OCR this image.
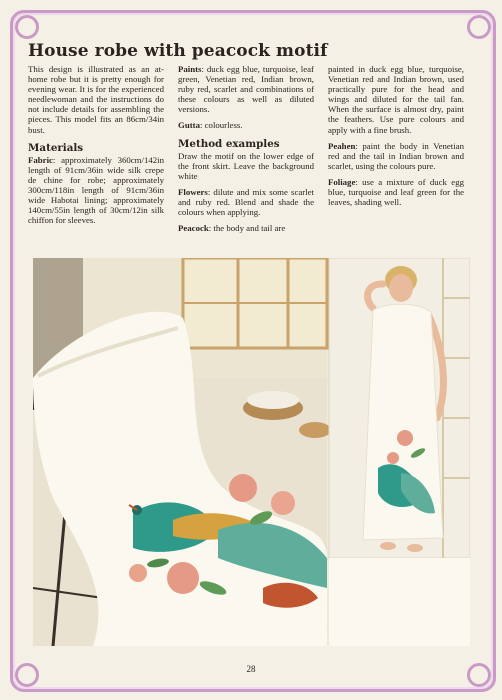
House robe with peacock motif

This design is illustrated as an at-home robe but it is pretty enough for evening wear. It is for the experienced needlewoman and the instructions do not include details for assembling the pieces. This model fits an 86cm/34in bust.

Materials

Fabric: approximately 360cm/142in length of 91cm/36in wide silk crepe de chine for robe; approximately 300cm/118in length of 91cm/36in wide Habotai lining; approximately 140cm/55in length of 30cm/12in silk chiffon for sleeves.

Paints: duck egg blue, turquoise, leaf green, Venetian red, Indian brown, ruby red, scarlet and combinations of these colours as well as diluted versions.

Gutta: colourless.

Method examples

Draw the motif on the lower edge of the front skirt. Leave the background white

Flowers: dilute and mix some scarlet and ruby red. Blend and shade the colours when applying.

Peacock: the body and tail are

painted in duck egg blue, turquoise, Venetian red and Indian brown, used practically pure for the head and wings and diluted for the tail fan. When the surface is almost dry, paint the feathers. Use pure colours and apply with a fine brush.

Peahen: paint the body in Venetian red and the tail in Indian brown and scarlet, using the colours pure.

Foliage: use a mixture of duck egg blue, turquoise and leaf green for the leaves, shading well.

28
